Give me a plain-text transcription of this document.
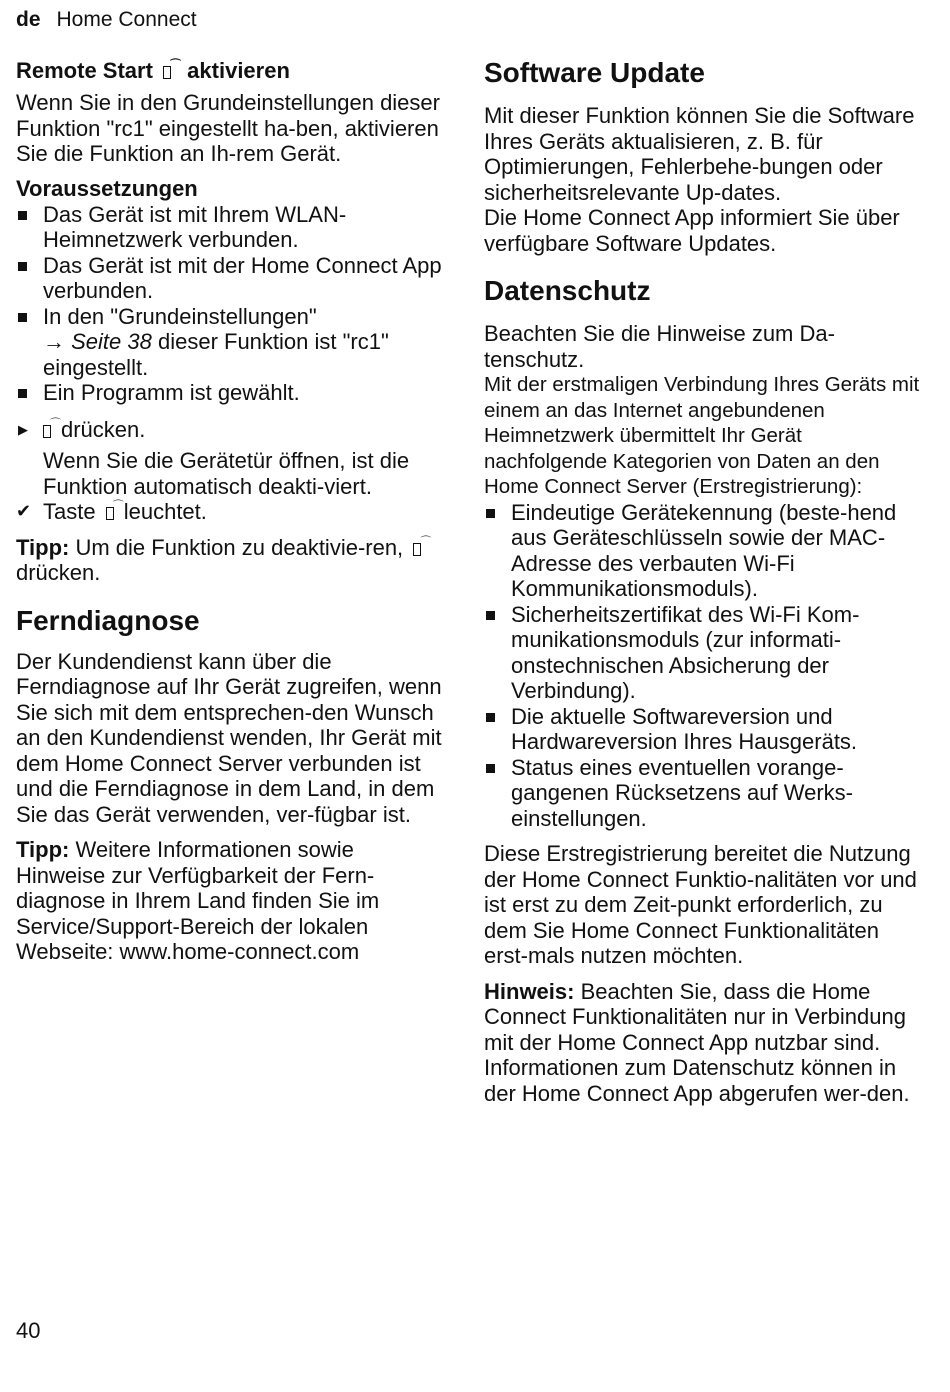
de Home Connect
Remote Start ⌒ aktivieren

Wenn Sie in den Grundeinstellungen dieser Funktion "rc1" eingestellt ha-ben, aktivieren Sie die Funktion an Ih-rem Gerät.

Voraussetzungen
Das Gerät ist mit Ihrem WLAN-Heimnetzwerk verbunden.
Das Gerät ist mit der Home Connect App verbunden.
In den "Grundeinstellungen"
→ Seite 38 dieser Funktion ist "rc1" eingestellt.
Ein Programm ist gewählt.
▶ ⌒ drücken.

Wenn Sie die Gerätetür öffnen, ist die Funktion automatisch deakti-viert.

✔ Taste ⌒ leuchtet.

Tipp: Um die Funktion zu deaktivie-ren, ⌒
drücken.

Ferndiagnose

Der Kundendienst kann über die Ferndiagnose auf Ihr Gerät zugreifen, wenn Sie sich mit dem entsprechen-den Wunsch an den Kundendienst wenden, Ihr Gerät mit dem Home Connect Server verbunden ist und die Ferndiagnose in dem Land, in dem Sie das Gerät verwenden, ver-fügbar ist.

Tipp: Weitere Informationen sowie Hinweise zur Verfügbarkeit der Fern-diagnose in Ihrem Land finden Sie im Service/Support-Bereich der lokalen Webseite: www.home-connect.com

Software Update

Mit dieser Funktion können Sie die Software Ihres Geräts aktualisieren, z. B. für Optimierungen, Fehlerbehe-bungen oder sicherheitsrelevante Up-dates.

Die Home Connect App informiert Sie über verfügbare Software Updates.

Datenschutz

Beachten Sie die Hinweise zum Da-tenschutz.

Mit der erstmaligen Verbindung Ihres Geräts mit einem an das Internet angebundenen Heimnetzwerk übermittelt Ihr Gerät nachfolgende Kategorien von Daten an den Home Connect Server (Erstregistrierung):

Eindeutige Gerätekennung (beste-hend aus Geräteschlüsseln sowie der MAC-Adresse des verbauten Wi-Fi Kommunikationsmoduls).
Sicherheitszertifikat des Wi-Fi Kom-munikationsmoduls (zur informati-onstechnischen Absicherung der Verbindung).
Die aktuelle Softwareversion und Hardwareversion Ihres Hausgeräts.
Status eines eventuellen vorange-gangenen Rücksetzens auf Werks-einstellungen.

Diese Erstregistrierung bereitet die Nutzung der Home Connect Funktio-nalitäten vor und ist erst zu dem Zeit-punkt erforderlich, zu dem Sie Home Connect Funktionalitäten erst-mals nutzen möchten.

Hinweis: Beachten Sie, dass die Home Connect Funktionalitäten nur in Verbindung mit der Home Connect App nutzbar sind. Informationen zum Datenschutz können in der Home Connect App abgerufen wer-den.

40
